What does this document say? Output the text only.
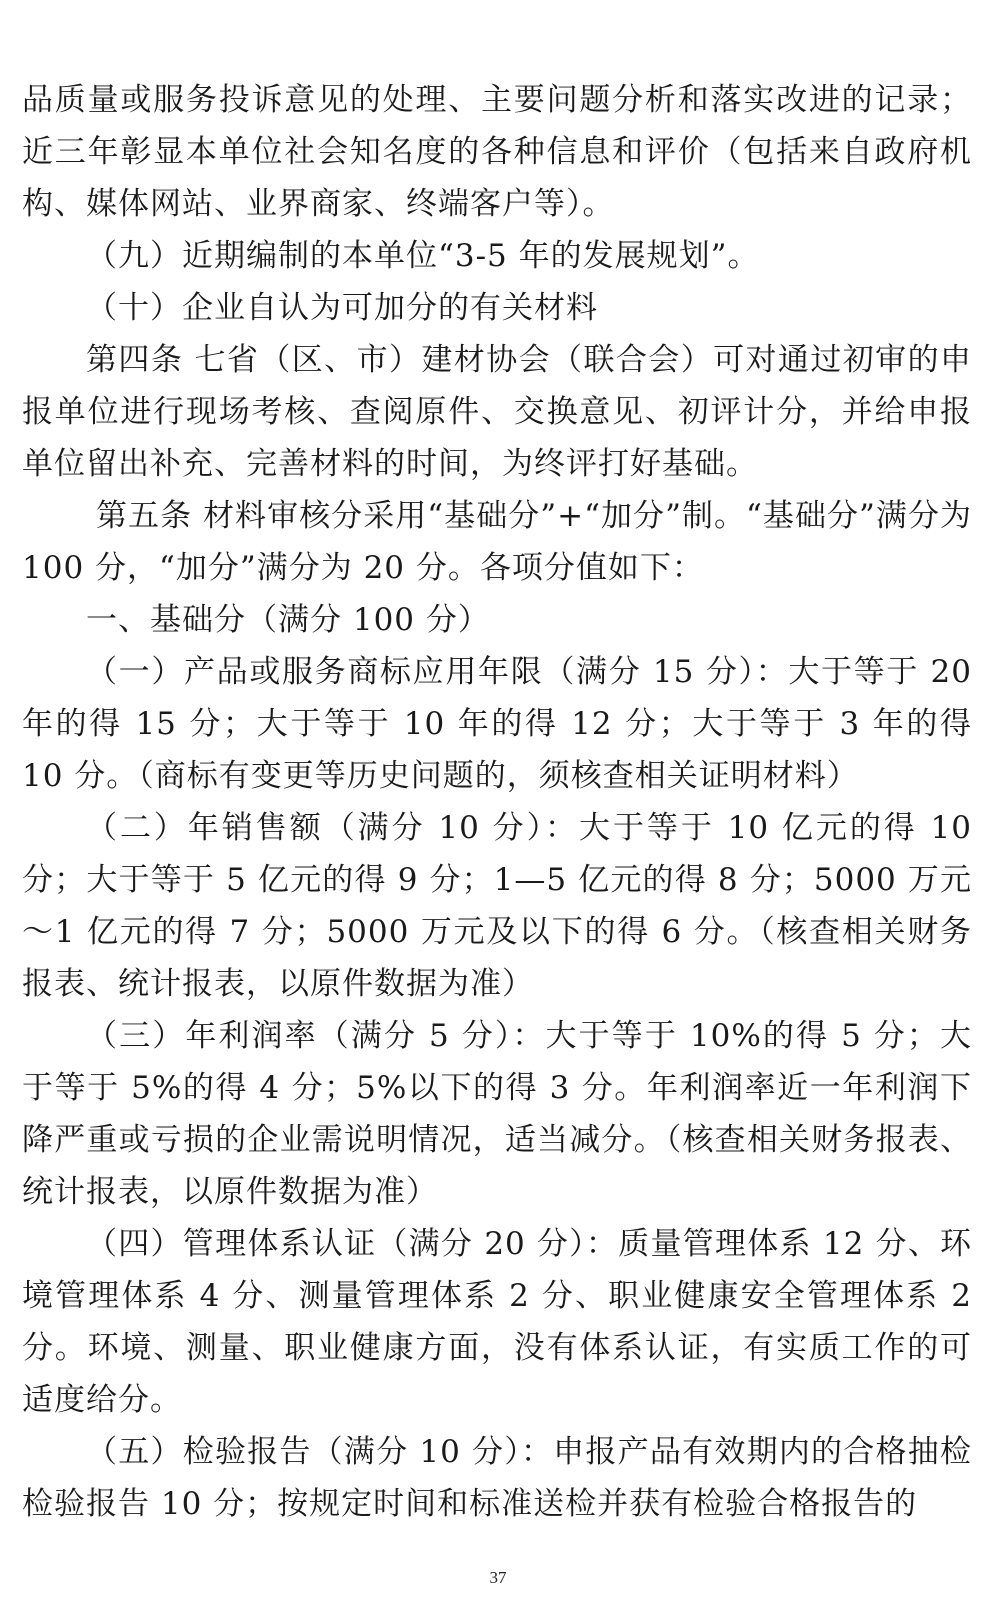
品质量或服务投诉意见的处理、主要问题分析和落实改进的记录；近三年彰显本单位社会知名度的各种信息和评价（包括来自政府机构、媒体网站、业界商家、终端客户等）。

（九）近期编制的本单位“3-5 年的发展规划”。

（十）企业自认为可加分的有关材料

第四条 七省（区、市）建材协会（联合会）可对通过初审的申报单位进行现场考核、查阅原件、交换意见、初评计分，并给申报单位留出补充、完善材料的时间，为终评打好基础。

第五条 材料审核分采用“基础分”+“加分”制。“基础分”满分为 100 分，“加分”满分为 20 分。各项分值如下：

一、基础分（满分 100 分）

（一）产品或服务商标应用年限（满分 15 分）：大于等于 20 年的得 15 分；大于等于 10 年的得 12 分；大于等于 3 年的得 10 分。（商标有变更等历史问题的，须核查相关证明材料）

（二）年销售额（满分 10 分）：大于等于 10 亿元的得 10 分；大于等于 5 亿元的得 9 分；1—5 亿元的得 8 分；5000 万元～1 亿元的得 7 分；5000 万元及以下的得 6 分。（核查相关财务报表、统计报表，以原件数据为准）

（三）年利润率（满分 5 分）：大于等于 10%的得 5 分；大于等于 5%的得 4 分；5%以下的得 3 分。年利润率近一年利润下降严重或亏损的企业需说明情况，适当减分。（核查相关财务报表、统计报表，以原件数据为准）

（四）管理体系认证（满分 20 分）：质量管理体系 12 分、环境管理体系 4 分、测量管理体系 2 分、职业健康安全管理体系 2 分。环境、测量、职业健康方面，没有体系认证，有实质工作的可适度给分。

（五）检验报告（满分 10 分）：申报产品有效期内的合格抽检检验报告 10 分；按规定时间和标准送检并获有检验合格报告的

37
